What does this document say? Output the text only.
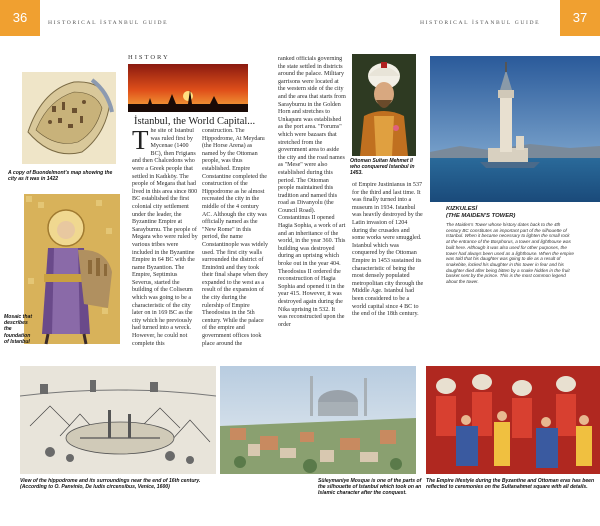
36	37
HISTORICAL İSTANBUL GUIDE	HISTORICAL İSTANBUL GUIDE
A copy of Buondelmont's map showing the city as it was in 1422
Mosaic that describes the foundation of Istanbul
HISTORY
İstanbul, the World Capital...
The site of Istanbul was ruled first by Mycenae (1400 BC), then Frigians and then Chalcedons who were a Greek people that settled in Kadıköy. The people of Megara that had lived in this area since 800 BC established the first colonial city settlement under the leader, the Byzantine Empire at Sarayburnu. The people of Megara who were ruled by various tribes were included in the Byzantine Empire in 64 BC with the name Byzantion. The Empire, Septimius Severus, started the building of the Coliseum which was going to be a characteristic of the city later on in 169 BC as the city which he previously had turned into a wreck. However, he could not complete this
construction. The Hippodrome, At Meydanı (the Horse Arena) as named by the Ottoman people, was thus established. Empire Constantine completed the construction of the Hippodrome as he almost recreated the city in the middle of the 4 century AC. Although the city was officially named as the "New Rome" in this period, the name Constantinople was widely used. The first city walls surrounded the district of Eminönü and they took their final shape when they expanded to the west as a result of the expansion of the city during the rulership of Empire Theodosius in the 5th century. While the palace of the empire and government offices took place around the
ranked officials governing the state settled in districts around the palace. Military garrisons were located at the western side of the city and the area that starts from Sarayburnu in the Golden Horn and stretches to Unkapanı was established as the port area. "Forums" which were bazaars that stretched from the government area to aside the city and the road names as "Mese" were also established during this period. The Ottoman people maintained this tradition and named this road as Divanyolu (the Council Road). Constantinus II opened Hagia Sophia, a work of art and an inheritance of the world, in the year 360. This building was destroyed during an uprising which broke out in the year 404. Theodosius II ordered the reconstruction of Hagia Sophia and opened it in the year 415. However, it was destroyed again during the Nika uprising in 532. It was reconstructed upon the order
Ottoman Sultan Mehmet II who conquered Istanbul in 1453.
of Empire Justinianus in 537 for the third and last time. It was finally turned into a museum in 1934. Istanbul was heavily destroyed by the Latin invasion of 1204 during the crusades and some works were smuggled. Istanbul which was conquered by the Ottoman Empire in 1453 sustained its characteristic of being the most densely populated metropolitan city through the Middle Age. Istanbul had been considered to be a world capital since 4 BC to the end of the 18th century.
KIZKULESİ
(THE MAIDEN'S TOWER)
The Maiden's Tower whose history dates back to the 4th century BC constitutes an important part of the silhouette of Istanbul. When it became necessary to lighten the small rock at the entrance of the Bosphorus, a tower and lighthouse was built here. Although it was also used for other purposes, the tower had always been used as a lighthouse. When the empire was told that his daughter was going to die as a result of snakebite, locked his daughter in this tower in fear and his daughter died after being bitten by a snake hidden in the fruit basket sent by the prince. This is the most common legend about the tower.
View of the hippodrome and its surroundings near the end of 16th century. (According to O. Panvinio, De ludis circensibus, Venice, 1600)
Süleymaniye Mosque is one of the parts of the silhouette of Istanbul which took on an Islamic character after the conquest.
The Empire lifestyle during the Byzantine and Ottoman eras has been reflected to ceremonies on the Sultanahmet square with all details.
